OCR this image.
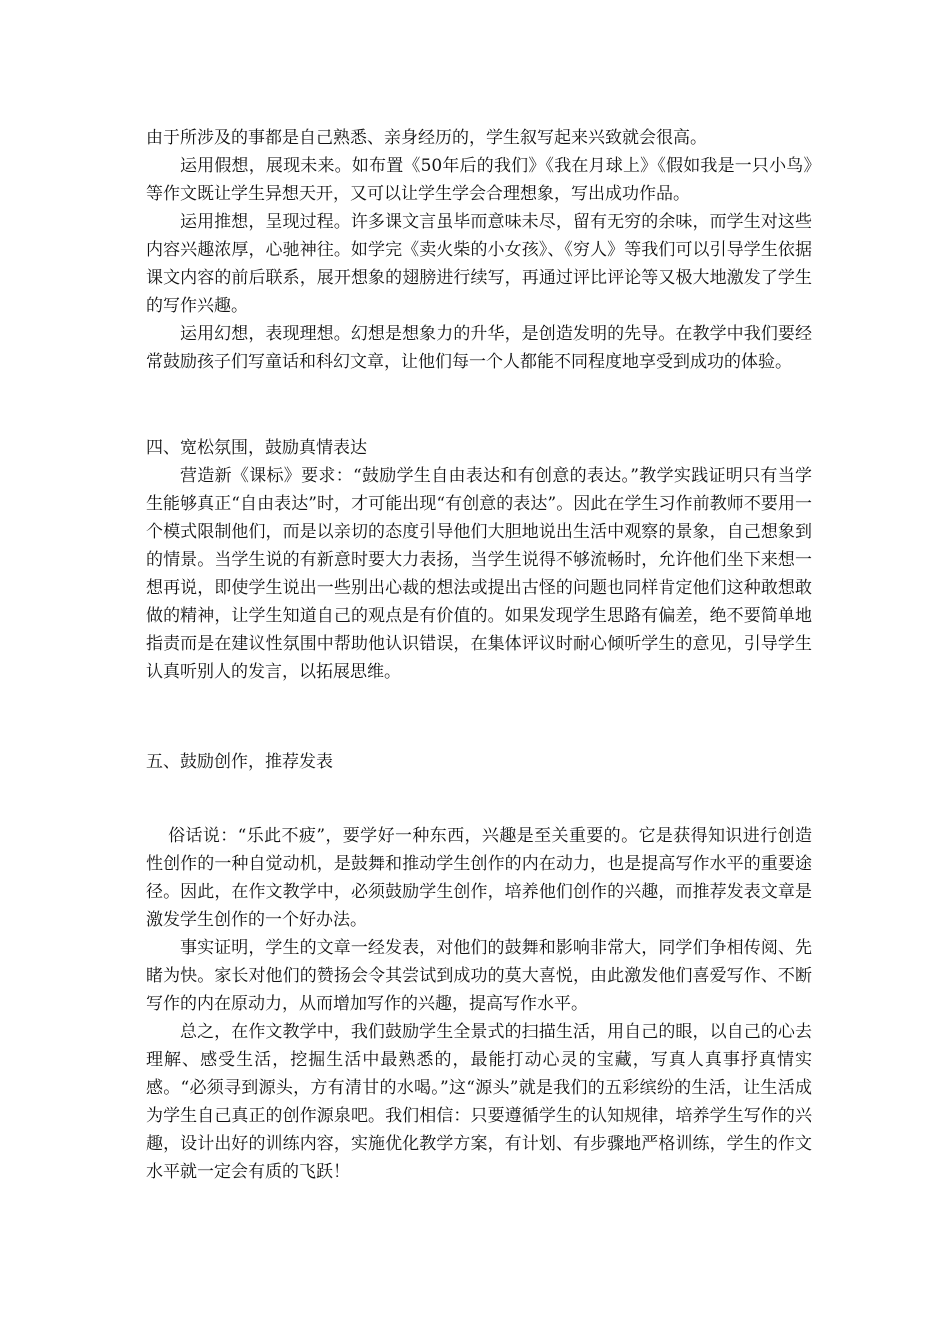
由于所涉及的事都是自己熟悉、亲身经历的，学生叙写起来兴致就会很高。

运用假想，展现未来。如布置《50年后的我们》《我在月球上》《假如我是一只小鸟》等作文既让学生异想天开，又可以让学生学会合理想象，写出成功作品。

运用推想，呈现过程。许多课文言虽毕而意味未尽，留有无穷的余味，而学生对这些内容兴趣浓厚，心驰神往。如学完《卖火柴的小女孩》、《穷人》等我们可以引导学生依据课文内容的前后联系，展开想象的翅膀进行续写，再通过评比评论等又极大地激发了学生的写作兴趣。

运用幻想，表现理想。幻想是想象力的升华，是创造发明的先导。在教学中我们要经常鼓励孩子们写童话和科幻文章，让他们每一个人都能不同程度地享受到成功的体验。

四、宽松氛围，鼓励真情表达

营造新《课标》要求：“鼓励学生自由表达和有创意的表达。”教学实践证明只有当学生能够真正“自由表达”时，才可能出现“有创意的表达”。因此在学生习作前教师不要用一个模式限制他们，而是以亲切的态度引导他们大胆地说出生活中观察的景象，自己想象到的情景。当学生说的有新意时要大力表扬，当学生说得不够流畅时，允许他们坐下来想一想再说，即使学生说出一些别出心裁的想法或提出古怪的问题也同样肯定他们这种敢想敢做的精神，让学生知道自己的观点是有价值的。如果发现学生思路有偏差，绝不要简单地指责而是在建议性氛围中帮助他认识错误，在集体评议时耐心倾听学生的意见，引导学生认真听别人的发言，以拓展思维。

五、鼓励创作，推荐发表

俗话说：“乐此不疲”，要学好一种东西，兴趣是至关重要的。它是获得知识进行创造性创作的一种自觉动机，是鼓舞和推动学生创作的内在动力，也是提高写作水平的重要途径。因此，在作文教学中，必须鼓励学生创作，培养他们创作的兴趣，而推荐发表文章是激发学生创作的一个好办法。

事实证明，学生的文章一经发表，对他们的鼓舞和影响非常大，同学们争相传阅、先睹为快。家长对他们的赞扬会令其尝试到成功的莫大喜悦，由此激发他们喜爱写作、不断写作的内在原动力，从而增加写作的兴趣，提高写作水平。

总之，在作文教学中，我们鼓励学生全景式的扫描生活，用自己的眼，以自己的心去理解、感受生活，挖掘生活中最熟悉的，最能打动心灵的宝藏，写真人真事抒真情实感。“必须寻到源头，方有清甘的水喝。”这“源头”就是我们的五彩缤纷的生活，让生活成为学生自己真正的创作源泉吧。我们相信：只要遵循学生的认知规律，培养学生写作的兴趣，设计出好的训练内容，实施优化教学方案，有计划、有步骤地严格训练，学生的作文水平就一定会有质的飞跃！
